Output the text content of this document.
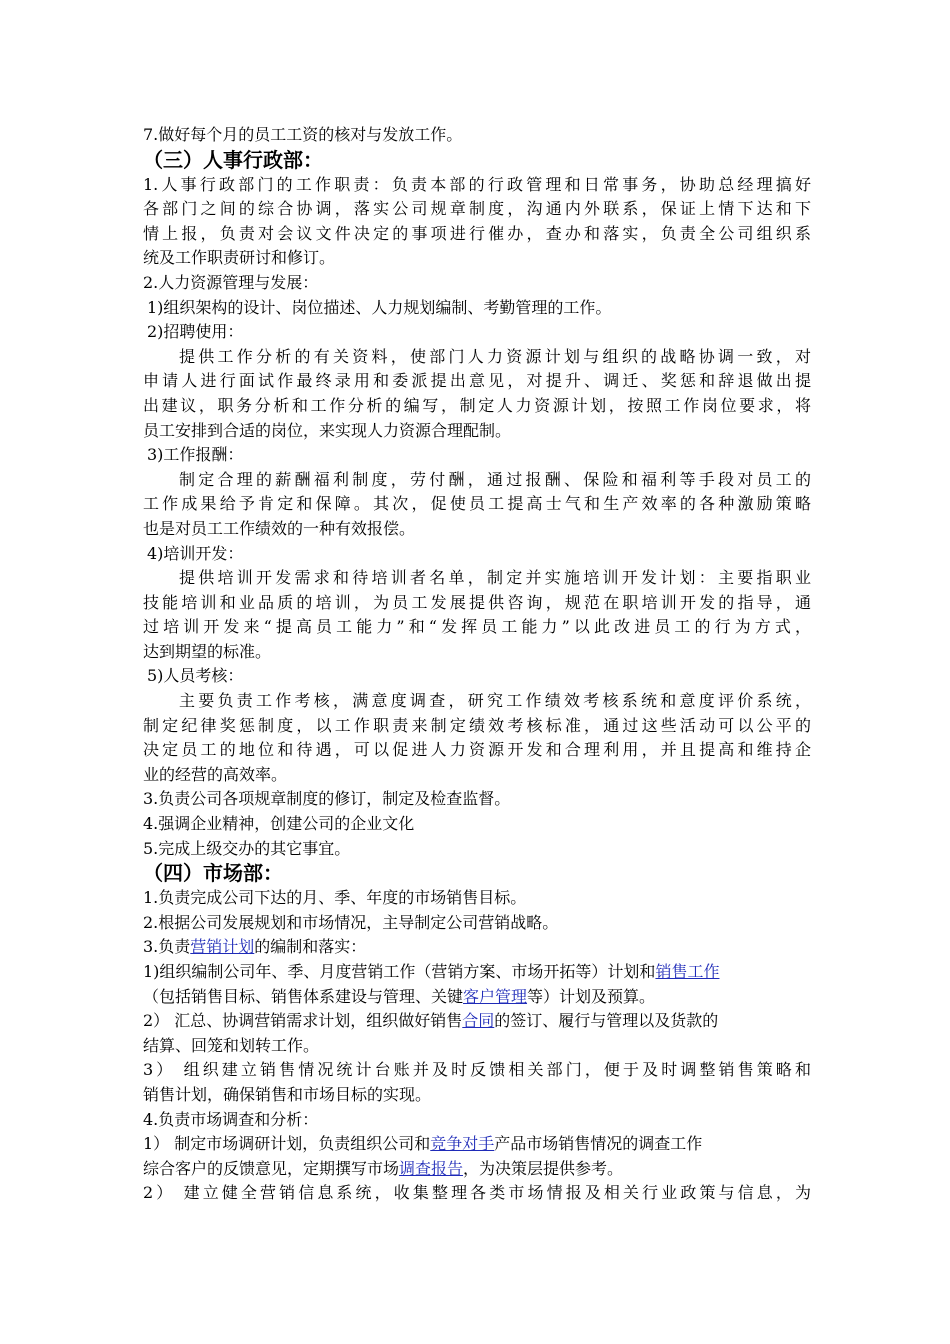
7.做好每个月的员工工资的核对与发放工作。
（三）人事行政部：
1.人事行政部门的工作职责：负责本部的行政管理和日常事务，协助总经理搞好
各部门之间的综合协调，落实公司规章制度，沟通内外联系，保证上情下达和下
情上报，负责对会议文件决定的事项进行催办，查办和落实，负责全公司组织系
统及工作职责研讨和修订。
2.人力资源管理与发展：
1)组织架构的设计、岗位描述、人力规划编制、考勤管理的工作。
2)招聘使用：
提供工作分析的有关资料，使部门人力资源计划与组织的战略协调一致，对
申请人进行面试作最终录用和委派提出意见，对提升、调迁、奖惩和辞退做出提
出建议，职务分析和工作分析的编写，制定人力资源计划，按照工作岗位要求，将
员工安排到合适的岗位，来实现人力资源合理配制。
3)工作报酬：
制定合理的薪酬福利制度，劳付酬，通过报酬、保险和福利等手段对员工的
工作成果给予肯定和保障。其次，促使员工提高士气和生产效率的各种激励策略
也是对员工工作绩效的一种有效报偿。
4)培训开发：
提供培训开发需求和待培训者名单，制定并实施培训开发计划：主要指职业
技能培训和业品质的培训，为员工发展提供咨询，规范在职培训开发的指导，通
过培训开发来“提高员工能力”和“发挥员工能力”以此改进员工的行为方式，
达到期望的标准。
5)人员考核：
主要负责工作考核，满意度调查，研究工作绩效考核系统和意度评价系统，
制定纪律奖惩制度，以工作职责来制定绩效考核标准，通过这些活动可以公平的
决定员工的地位和待遇，可以促进人力资源开发和合理利用，并且提高和维持企
业的经营的高效率。
3.负责公司各项规章制度的修订，制定及检查监督。
4.强调企业精神，创建公司的企业文化
5.完成上级交办的其它事宜。
（四）市场部：
1.负责完成公司下达的月、季、年度的市场销售目标。
2.根据公司发展规划和市场情况，主导制定公司营销战略。
3.负责营销计划的编制和落实：
1)组织编制公司年、季、月度营销工作（营销方案、市场开拓等）计划和销售工作
（包括销售目标、销售体系建设与管理、关键客户管理等）计划及预算。
2） 汇总、协调营销需求计划，组织做好销售合同的签订、履行与管理以及货款的
结算、回笼和划转工作。
3） 组织建立销售情况统计台账并及时反馈相关部门，便于及时调整销售策略和
销售计划，确保销售和市场目标的实现。
4.负责市场调查和分析：
1） 制定市场调研计划，负责组织公司和竞争对手产品市场销售情况的调查工作
综合客户的反馈意见，定期撰写市场调查报告，为决策层提供参考。
2） 建立健全营销信息系统，收集整理各类市场情报及相关行业政策与信息，为
